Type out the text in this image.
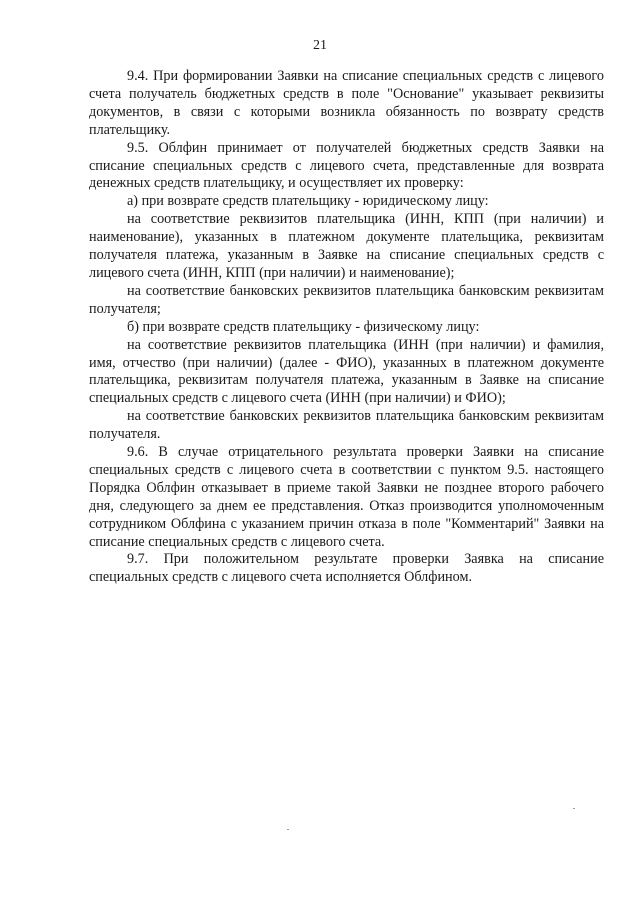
21

9.4. При формировании Заявки на списание специальных средств с лицевого счета получатель бюджетных средств в поле "Основание" указывает реквизиты документов, в связи с которыми возникла обязанность по возврату средств плательщику.

9.5. Облфин принимает от получателей бюджетных средств Заявки на списание специальных средств с лицевого счета, представленные для возврата денежных средств плательщику, и осуществляет их проверку:

а) при возврате средств плательщику - юридическому лицу:

на соответствие реквизитов плательщика (ИНН, КПП (при наличии) и наименование), указанных в платежном документе плательщика, реквизитам получателя платежа, указанным в Заявке на списание специальных средств с лицевого счета (ИНН, КПП (при наличии) и наименование);

на соответствие банковских реквизитов плательщика банковским реквизитам получателя;

б) при возврате средств плательщику - физическому лицу:

на соответствие реквизитов плательщика (ИНН (при наличии) и фамилия, имя, отчество (при наличии) (далее - ФИО), указанных в платежном документе плательщика, реквизитам получателя платежа, указанным в Заявке на списание специальных средств с лицевого счета (ИНН (при наличии) и ФИО);

на соответствие банковских реквизитов плательщика банковским реквизитам получателя.

9.6. В случае отрицательного результата проверки Заявки на списание специальных средств с лицевого счета в соответствии с пунктом 9.5. настоящего Порядка Облфин отказывает в приеме такой Заявки не позднее второго рабочего дня, следующего за днем ее представления. Отказ производится уполномоченным сотрудником Облфина с указанием причин отказа в поле "Комментарий" Заявки на списание специальных средств с лицевого счета.

9.7. При положительном результате проверки Заявка на списание специальных средств с лицевого счета исполняется Облфином.
